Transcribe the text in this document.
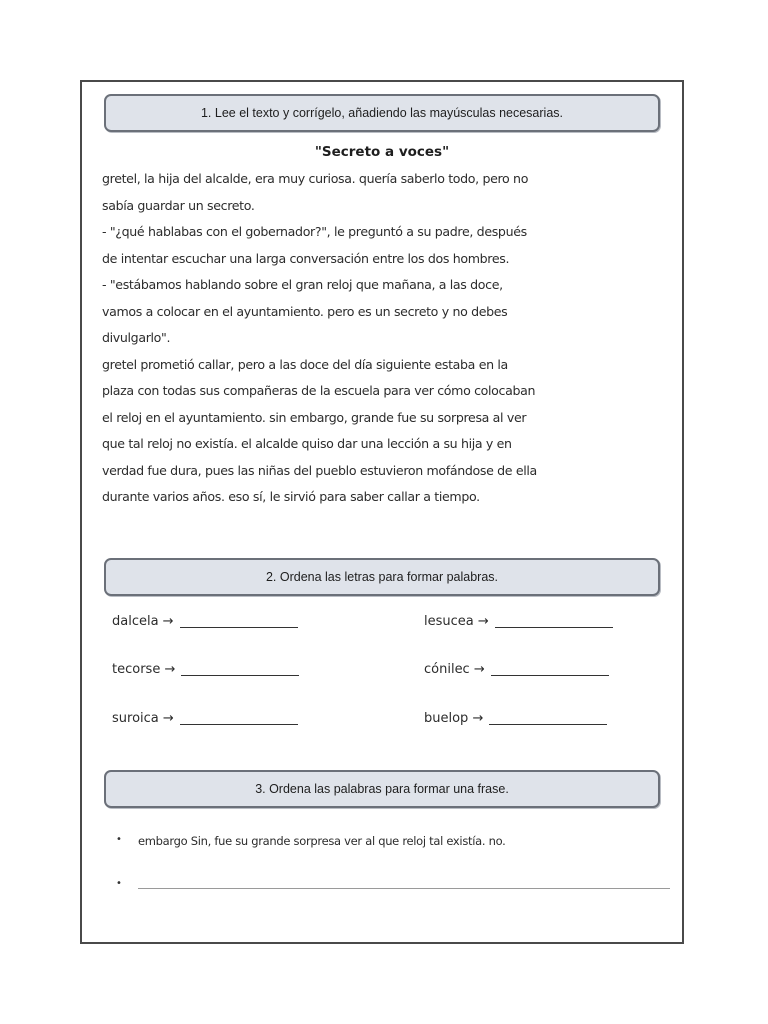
1. Lee el texto y corrígelo, añadiendo las mayúsculas necesarias.
"Secreto a voces"
gretel, la hija del alcalde, era muy curiosa. quería saberlo todo, pero no
sabía guardar un secreto.
- "¿qué hablabas con el gobernador?", le preguntó a su padre, después
de intentar escuchar una larga conversación entre los dos hombres.
- "estábamos hablando sobre el gran reloj que mañana, a las doce,
vamos a colocar en el ayuntamiento. pero es un secreto y no debes
divulgarlo".
gretel prometió callar, pero a las doce del día siguiente estaba en la
plaza con todas sus compañeras de la escuela para ver cómo colocaban
el reloj en el ayuntamiento. sin embargo, grande fue su sorpresa al ver
que tal reloj no existía. el alcalde quiso dar una lección a su hija y en
verdad fue dura, pues las niñas del pueblo estuvieron mofándose de ella
durante varios años. eso sí, le sirvió para saber callar a tiempo.
2. Ordena las letras para formar palabras.
dalcela →	lesucea →
tecorse →	cónilec →
suroica →	buelop →
3. Ordena las palabras para formar una frase.
• embargo Sin, fue su grande sorpresa ver al que reloj tal existía. no.
•
